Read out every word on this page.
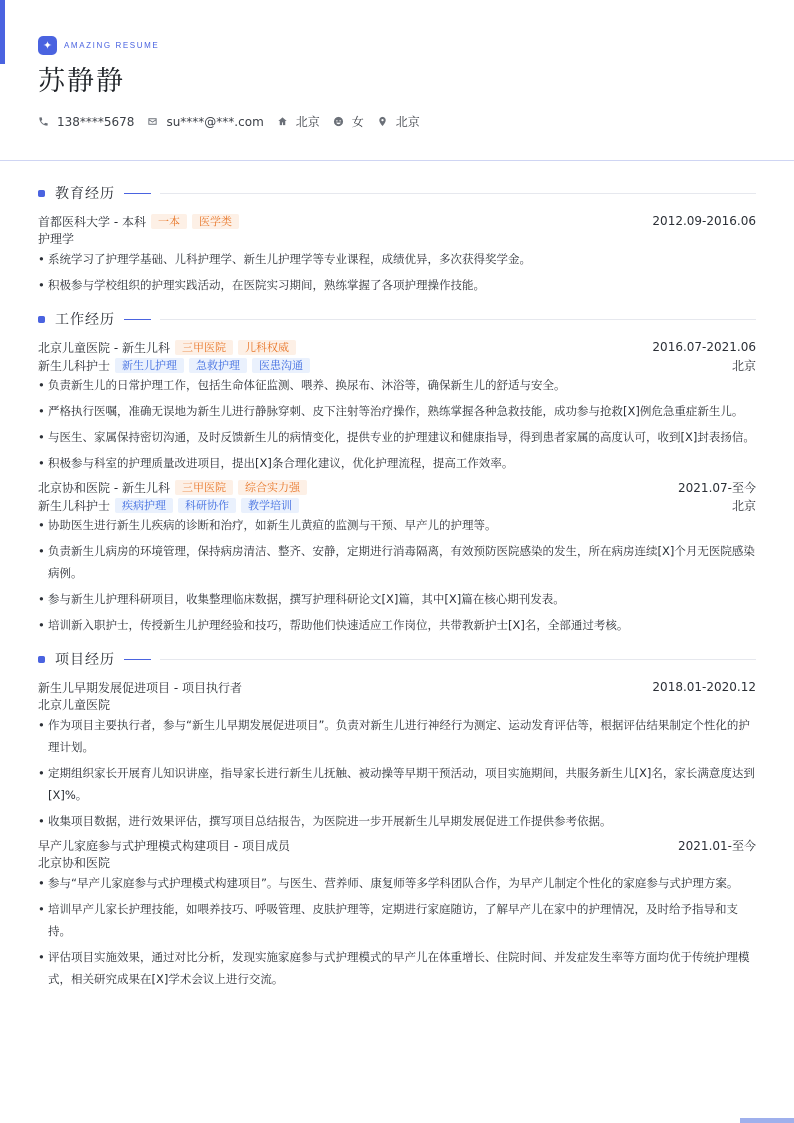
✦	AMAZING RESUME
苏静静
138****5678	su****@***.com	北京	女	北京
教育经历
首都医科大学 - 本科	一本	医学类	2012.09-2016.06
护理学
• 系统学习了护理学基础、儿科护理学、新生儿护理学等专业课程，成绩优异，多次获得奖学金。
• 积极参与学校组织的护理实践活动，在医院实习期间，熟练掌握了各项护理操作技能。
工作经历
北京儿童医院 - 新生儿科	三甲医院	儿科权威	2016.07-2021.06
新生儿科护士	新生儿护理	急救护理	医患沟通	北京
• 负责新生儿的日常护理工作，包括生命体征监测、喂养、换尿布、沐浴等，确保新生儿的舒适与安全。
• 严格执行医嘱，准确无误地为新生儿进行静脉穿刺、皮下注射等治疗操作，熟练掌握各种急救技能，成功参与抢救[X]例危急重症新生儿。
• 与医生、家属保持密切沟通，及时反馈新生儿的病情变化，提供专业的护理建议和健康指导，得到患者家属的高度认可，收到[X]封表扬信。
• 积极参与科室的护理质量改进项目，提出[X]条合理化建议，优化护理流程，提高工作效率。
北京协和医院 - 新生儿科	三甲医院	综合实力强	2021.07-至今
新生儿科护士	疾病护理	科研协作	教学培训	北京
• 协助医生进行新生儿疾病的诊断和治疗，如新生儿黄疸的监测与干预、早产儿的护理等。
• 负责新生儿病房的环境管理，保持病房清洁、整齐、安静，定期进行消毒隔离，有效预防医院感染的发生，所在病房连续[X]个月无医院感染病例。
• 参与新生儿护理科研项目，收集整理临床数据，撰写护理科研论文[X]篇，其中[X]篇在核心期刊发表。
• 培训新入职护士，传授新生儿护理经验和技巧，帮助他们快速适应工作岗位，共带教新护士[X]名，全部通过考核。
项目经历
新生儿早期发展促进项目 - 项目执行者	2018.01-2020.12
北京儿童医院
• 作为项目主要执行者，参与“新生儿早期发展促进项目”。负责对新生儿进行神经行为测定、运动发育评估等，根据评估结果制定个性化的护理计划。
• 定期组织家长开展育儿知识讲座，指导家长进行新生儿抚触、被动操等早期干预活动，项目实施期间，共服务新生儿[X]名，家长满意度达到[X]%。
• 收集项目数据，进行效果评估，撰写项目总结报告，为医院进一步开展新生儿早期发展促进工作提供参考依据。
早产儿家庭参与式护理模式构建项目 - 项目成员	2021.01-至今
北京协和医院
• 参与“早产儿家庭参与式护理模式构建项目”。与医生、营养师、康复师等多学科团队合作，为早产儿制定个性化的家庭参与式护理方案。
• 培训早产儿家长护理技能，如喂养技巧、呼吸管理、皮肤护理等，定期进行家庭随访，了解早产儿在家中的护理情况，及时给予指导和支持。
• 评估项目实施效果，通过对比分析，发现实施家庭参与式护理模式的早产儿在体重增长、住院时间、并发症发生率等方面均优于传统护理模式，相关研究成果在[X]学术会议上进行交流。
